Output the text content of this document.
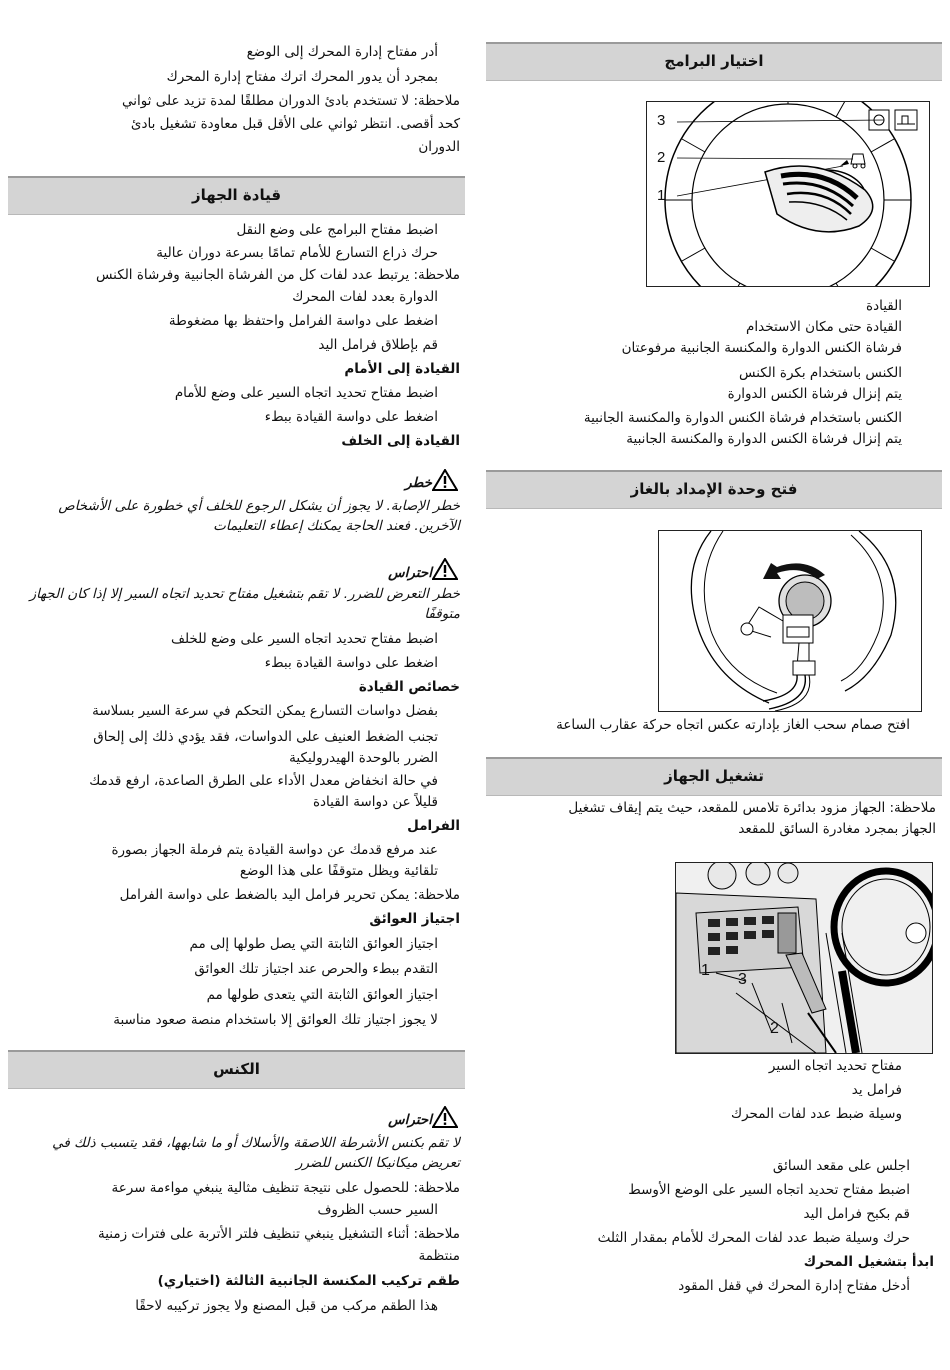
أدر مفتاح إدارة المحرك إلى الوضع
بمجرد أن يدور المحرك اترك مفتاح إدارة المحرك
ملاحظة: لا تستخدم بادئ الدوران مطلقًا لمدة تزيد على ثواني
كحد أقصى. انتظر ثواني على الأقل قبل معاودة تشغيل بادئ
الدوران
قيادة الجهاز
اضبط مفتاح البرامج على وضع النقل
حرك ذراع التسارع للأمام تمامًا بسرعة دوران عالية
ملاحظة: يرتبط عدد لفات كل من الفرشاة الجانبية وفرشاة الكنس
الدوارة بعدد لفات المحرك
اضغط على دواسة الفرامل واحتفظ بها مضغوطة
قم بإطلاق فرامل اليد
القيادة إلى الأمام
اضبط مفتاح تحديد اتجاه السير على وضع للأمام
اضغط على دواسة القيادة ببطء
القيادة إلى الخلف
خطر
خطر الإصابة. لا يجوز أن يشكل الرجوع للخلف أي خطورة على الأشخاص الآخرين. فعند الحاجة يمكنك إعطاء التعليمات
احتراس
خطر التعرض للضرر. لا تقم بتشغيل مفتاح تحديد اتجاه السير إلا إذا كان الجهاز متوقفًا
اضبط مفتاح تحديد اتجاه السير على وضع للخلف
اضغط على دواسة القيادة ببطء
خصائص القيادة
بفضل دواسات التسارع يمكن التحكم في سرعة السير بسلاسة
تجنب الضغط العنيف على الدواسات، فقد يؤدي ذلك إلى إلحاق
الضرر بالوحدة الهيدروليكية
في حالة انخفاض معدل الأداء على الطرق الصاعدة، ارفع قدمك
قليلاً عن دواسة القيادة
الفرامل
عند مرفع قدمك عن دواسة القيادة يتم فرملة الجهاز بصورة
تلقائية ويظل متوقفًا على هذا الوضع
ملاحظة: يمكن تحرير فرامل اليد بالضغط على دواسة الفرامل
اجتياز العوائق
اجتياز العوائق الثابتة التي يصل طولها إلى مم
التقدم ببطء والحرص عند اجتياز تلك العوائق
اجتياز العوائق الثابتة التي يتعدى طولها مم
لا يجوز اجتياز تلك العوائق إلا باستخدام منصة صعود مناسبة
الكنس
احتراس
لا تقم بكنس الأشرطة اللاصقة والأسلاك أو ما شابهها، فقد يتسبب ذلك في تعريض ميكانيكا الكنس للضرر
ملاحظة: للحصول على نتيجة تنظيف مثالية ينبغي مواءمة سرعة
السير حسب الظروف
ملاحظة: أثناء التشغيل ينبغي تنظيف فلتر الأتربة على فترات زمنية
منتظمة
طقم تركيب المكنسة الجانبية الثالثة (اختياري)
هذا الطقم مركب من قبل المصنع ولا يجوز تركيبه لاحقًا
اختيار البرامج
3
2
1
القيادة
القيادة حتى مكان الاستخدام
فرشاة الكنس الدوارة والمكنسة الجانبية مرفوعتان
الكنس باستخدام بكرة الكنس
يتم إنزال فرشاة الكنس الدوارة
الكنس باستخدام فرشاة الكنس الدوارة والمكنسة الجانبية
يتم إنزال فرشاة الكنس الدوارة والمكنسة الجانبية
فتح وحدة الإمداد بالغاز
افتح صمام سحب الغاز بإدارته عكس اتجاه حركة عقارب الساعة
تشغيل الجهاز
ملاحظة: الجهاز مزود بدائرة تلامس للمقعد، حيث يتم إيقاف تشغيل
الجهاز بمجرد مغادرة السائق للمقعد
1
3
2
مفتاح تحديد اتجاه السير
فرامل يد
وسيلة ضبط عدد لفات المحرك
اجلس على مقعد السائق
اضبط مفتاح تحديد اتجاه السير على الوضع الأوسط
قم بكبح فرامل اليد
حرك وسيلة ضبط عدد لفات المحرك للأمام بمقدار الثلث
ابدأ بتشغيل المحرك
أدخل مفتاح إدارة المحرك في قفل المقود
